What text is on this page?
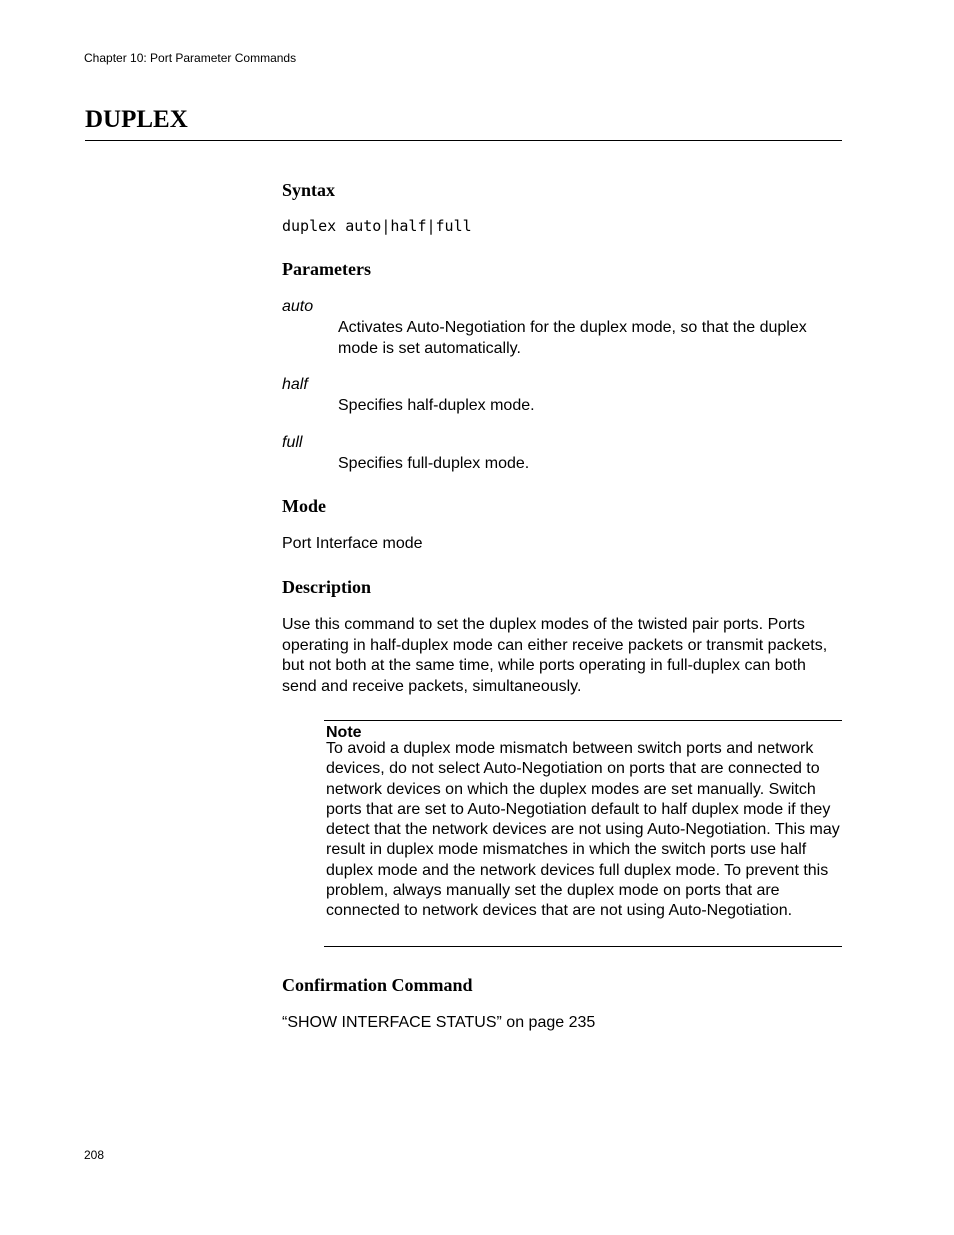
Chapter 10: Port Parameter Commands
DUPLEX
Syntax
duplex auto|half|full
Parameters
auto
Activates Auto-Negotiation for the duplex mode, so that the duplex mode is set automatically.
half
Specifies half-duplex mode.
full
Specifies full-duplex mode.
Mode
Port Interface mode
Description
Use this command to set the duplex modes of the twisted pair ports. Ports operating in half-duplex mode can either receive packets or transmit packets, but not both at the same time, while ports operating in full-duplex can both send and receive packets, simultaneously.
Note
To avoid a duplex mode mismatch between switch ports and network devices, do not select Auto-Negotiation on ports that are connected to network devices on which the duplex modes are set manually. Switch ports that are set to Auto-Negotiation default to half duplex mode if they detect that the network devices are not using Auto-Negotiation. This may result in duplex mode mismatches in which the switch ports use half duplex mode and the network devices full duplex mode. To prevent this problem, always manually set the duplex mode on ports that are connected to network devices that are not using Auto-Negotiation.
Confirmation Command
“SHOW INTERFACE STATUS” on page 235
208
